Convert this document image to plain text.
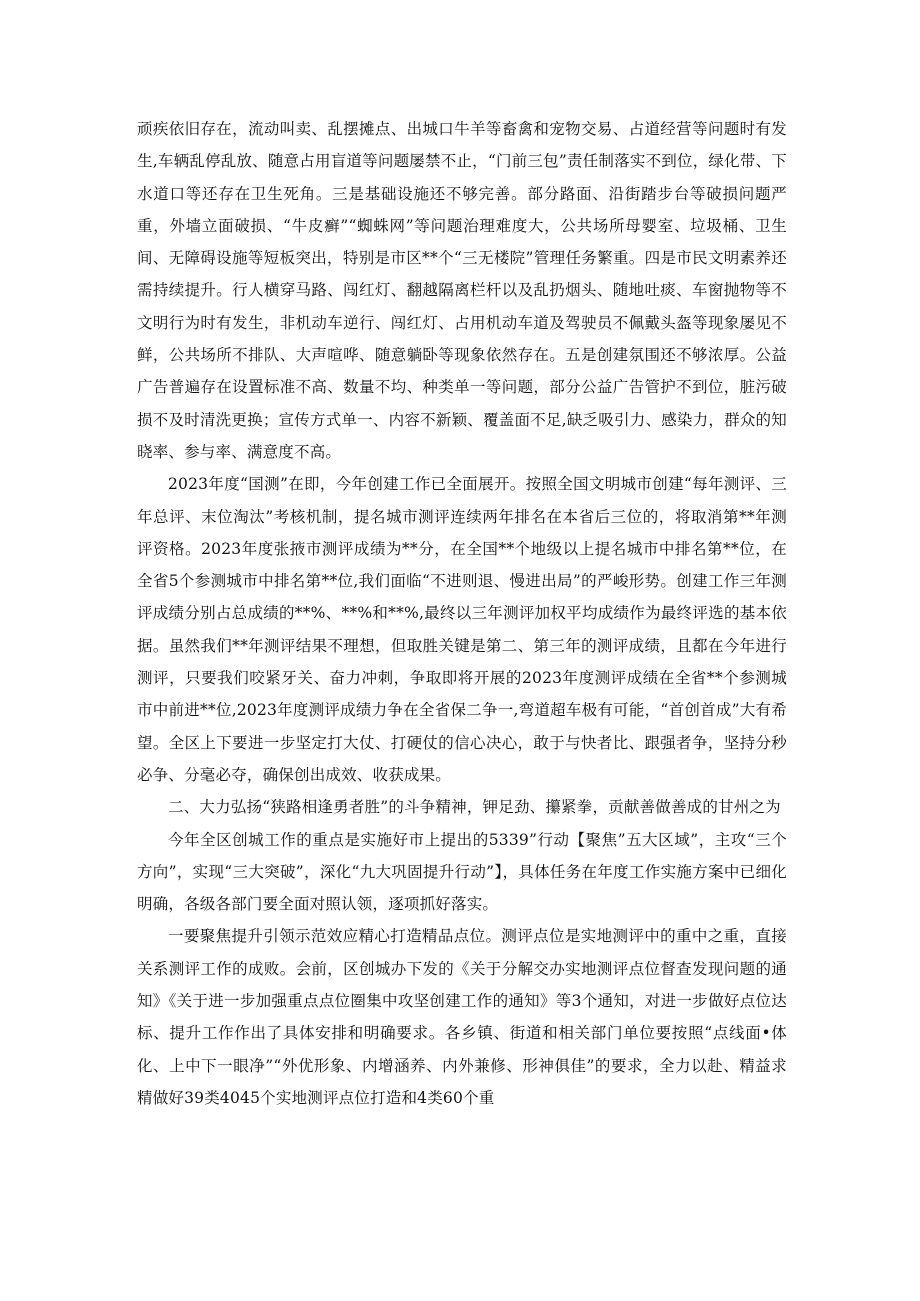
顽疾依旧存在，流动叫卖、乱摆摊点、出城口牛羊等畜禽和宠物交易、占道经营等问题时有发生,车辆乱停乱放、随意占用盲道等问题屡禁不止，“门前三包”责任制落实不到位，绿化带、下水道口等还存在卫生死角。三是基础设施还不够完善。部分路面、沿街踏步台等破损问题严重，外墙立面破损、“牛皮癣”“蜘蛛网”等问题治理难度大，公共场所母婴室、垃圾桶、卫生间、无障碍设施等短板突出，特别是市区**个“三无楼院”管理任务繁重。四是市民文明素养还需持续提升。行人横穿马路、闯红灯、翻越隔离栏杆以及乱扔烟头、随地吐痰、车窗抛物等不文明行为时有发生，非机动车逆行、闯红灯、占用机动车道及驾驶员不佩戴头盔等现象屡见不鲜，公共场所不排队、大声喧哗、随意躺卧等现象依然存在。五是创建氛围还不够浓厚。公益广告普遍存在设置标准不高、数量不均、种类单一等问题，部分公益广告管护不到位，脏污破损不及时清洗更换；宣传方式单一、内容不新颖、覆盖面不足,缺乏吸引力、感染力，群众的知晓率、参与率、满意度不高。

2023年度“国测”在即，今年创建工作已全面展开。按照全国文明城市创建“每年测评、三年总评、末位淘汰”考核机制，提名城市测评连续两年排名在本省后三位的，将取消第**年测评资格。2023年度张掖市测评成绩为**分，在全国**个地级以上提名城市中排名第**位，在全省5个参测城市中排名第**位,我们面临“不进则退、慢进出局”的严峻形势。创建工作三年测评成绩分别占总成绩的**%、**%和**%,最终以三年测评加权平均成绩作为最终评选的基本依据。虽然我们**年测评结果不理想，但取胜关键是第二、第三年的测评成绩，且都在今年进行测评，只要我们咬紧牙关、奋力冲刺，争取即将开展的2023年度测评成绩在全省**个参测城市中前进**位,2023年度测评成绩力争在全省保二争一,弯道超车极有可能，“首创首成”大有希望。全区上下要进一步坚定打大仗、打硬仗的信心决心，敢于与快者比、跟强者争，坚持分秒必争、分毫必夺，确保创出成效、收获成果。

二、大力弘扬“狭路相逢勇者胜”的斗争精神，钾足劲、攥紧拳，贡献善做善成的甘州之为

今年全区创城工作的重点是实施好市上提出的5339”行动【聚焦”五大区域”，主攻“三个方向”，实现“三大突破”，深化“九大巩固提升行动”】，具体任务在年度工作实施方案中已细化明确，各级各部门要全面对照认领，逐项抓好落实。

一要聚焦提升引领示范效应精心打造精品点位。测评点位是实地测评中的重中之重，直接关系测评工作的成败。会前，区创城办下发的《关于分解交办实地测评点位督查发现问题的通知》《关于进一步加强重点点位圈集中攻坚创建工作的通知》等3个通知，对进一步做好点位达标、提升工作作出了具体安排和明确要求。各乡镇、街道和相关部门单位要按照“点线面•体化、上中下一眼净”“外优形象、内增涵养、内外兼修、形神俱佳”的要求，全力以赴、精益求精做好39类4045个实地测评点位打造和4类60个重
